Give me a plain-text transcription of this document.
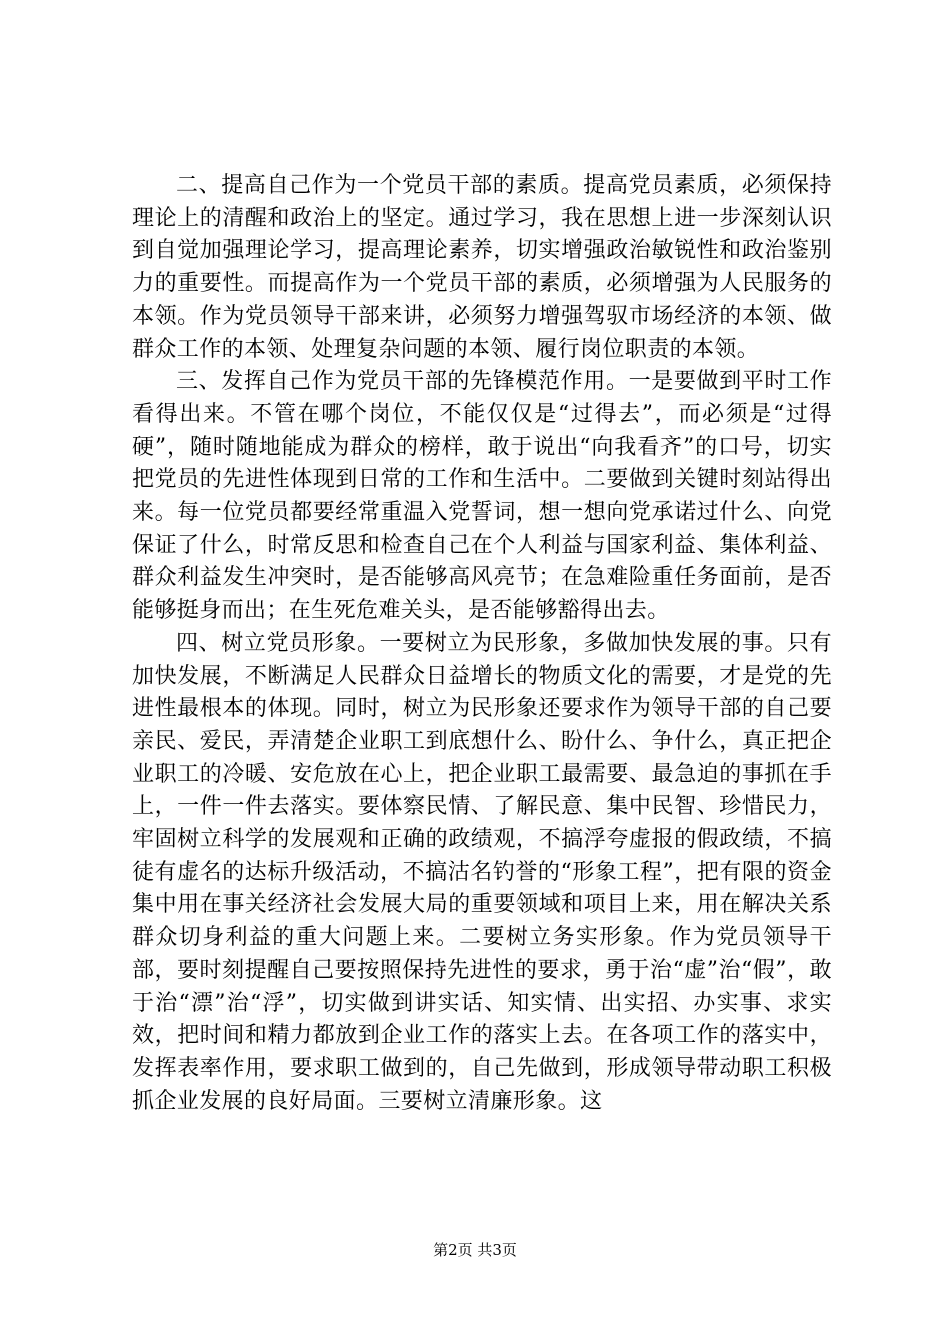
二、提高自己作为一个党员干部的素质。提高党员素质，必须保持理论上的清醒和政治上的坚定。通过学习，我在思想上进一步深刻认识到自觉加强理论学习，提高理论素养，切实增强政治敏锐性和政治鉴别力的重要性。而提高作为一个党员干部的素质，必须增强为人民服务的本领。作为党员领导干部来讲，必须努力增强驾驭市场经济的本领、做群众工作的本领、处理复杂问题的本领、履行岗位职责的本领。

三、发挥自己作为党员干部的先锋模范作用。一是要做到平时工作看得出来。不管在哪个岗位，不能仅仅是“过得去”，而必须是“过得硬”，随时随地能成为群众的榜样，敢于说出“向我看齐”的口号，切实把党员的先进性体现到日常的工作和生活中。二要做到关键时刻站得出来。每一位党员都要经常重温入党誓词，想一想向党承诺过什么、向党保证了什么，时常反思和检查自己在个人利益与国家利益、集体利益、群众利益发生冲突时，是否能够高风亮节；在急难险重任务面前，是否能够挺身而出；在生死危难关头，是否能够豁得出去。

四、树立党员形象。一要树立为民形象，多做加快发展的事。只有加快发展，不断满足人民群众日益增长的物质文化的需要，才是党的先进性最根本的体现。同时，树立为民形象还要求作为领导干部的自己要亲民、爱民，弄清楚企业职工到底想什么、盼什么、争什么，真正把企业职工的冷暖、安危放在心上，把企业职工最需要、最急迫的事抓在手上，一件一件去落实。要体察民情、了解民意、集中民智、珍惜民力，牢固树立科学的发展观和正确的政绩观，不搞浮夸虚报的假政绩，不搞徒有虚名的达标升级活动，不搞沽名钓誉的“形象工程”，把有限的资金集中用在事关经济社会发展大局的重要领域和项目上来，用在解决关系群众切身利益的重大问题上来。二要树立务实形象。作为党员领导干部，要时刻提醒自己要按照保持先进性的要求，勇于治“虚”治“假”，敢于治“漂”治“浮”，切实做到讲实话、知实情、出实招、办实事、求实效，把时间和精力都放到企业工作的落实上去。在各项工作的落实中，发挥表率作用，要求职工做到的，自己先做到，形成领导带动职工积极抓企业发展的良好局面。三要树立清廉形象。这

第2页 共3页
